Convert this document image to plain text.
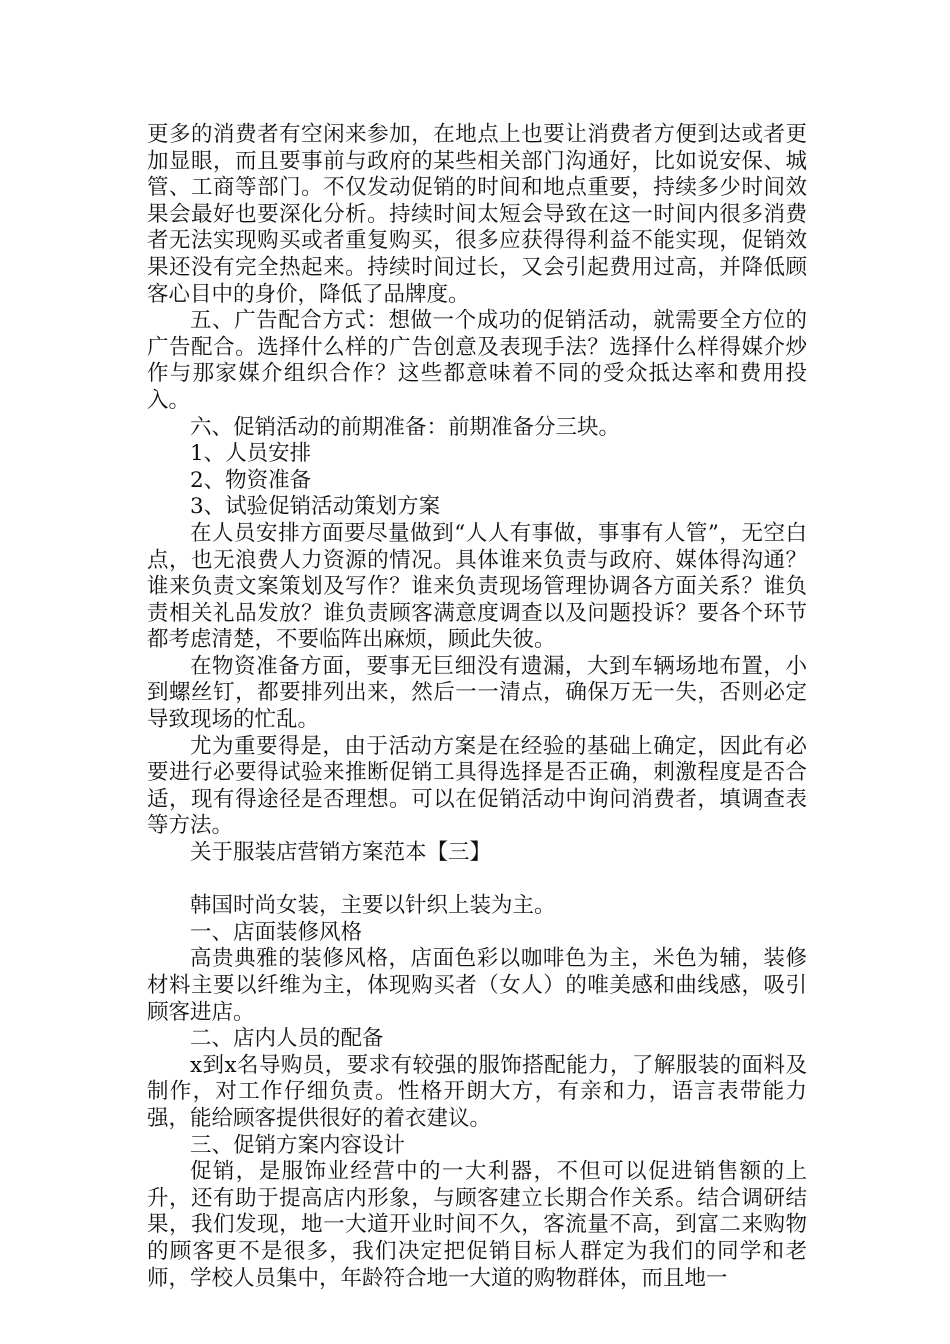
更多的消费者有空闲来参加，在地点上也要让消费者方便到达或者更加显眼，而且要事前与政府的某些相关部门沟通好，比如说安保、城管、工商等部门。不仅发动促销的时间和地点重要，持续多少时间效果会最好也要深化分析。持续时间太短会导致在这一时间内很多消费者无法实现购买或者重复购买，很多应获得得利益不能实现，促销效果还没有完全热起来。持续时间过长，又会引起费用过高，并降低顾客心目中的身价，降低了品牌度。

五、广告配合方式：想做一个成功的促销活动，就需要全方位的广告配合。选择什么样的广告创意及表现手法？选择什么样得媒介炒作与那家媒介组织合作？这些都意味着不同的受众抵达率和费用投入。

六、促销活动的前期准备：前期准备分三块。

1、人员安排

2、物资准备

3、试验促销活动策划方案

在人员安排方面要尽量做到“人人有事做，事事有人管”，无空白点，也无浪费人力资源的情况。具体谁来负责与政府、媒体得沟通？谁来负责文案策划及写作？谁来负责现场管理协调各方面关系？谁负责相关礼品发放？谁负责顾客满意度调查以及问题投诉？要各个环节都考虑清楚，不要临阵出麻烦，顾此失彼。

在物资准备方面，要事无巨细没有遗漏，大到车辆场地布置，小到螺丝钉，都要排列出来，然后一一清点，确保万无一失，否则必定导致现场的忙乱。

尤为重要得是，由于活动方案是在经验的基础上确定，因此有必要进行必要得试验来推断促销工具得选择是否正确，刺激程度是否合适，现有得途径是否理想。可以在促销活动中询问消费者，填调查表等方法。

关于服装店营销方案范本【三】

韩国时尚女装，主要以针织上装为主。

一、店面装修风格

高贵典雅的装修风格，店面色彩以咖啡色为主，米色为辅，装修材料主要以纤维为主，体现购买者（女人）的唯美感和曲线感，吸引顾客进店。

二、店内人员的配备

x到x名导购员，要求有较强的服饰搭配能力，了解服装的面料及制作，对工作仔细负责。性格开朗大方，有亲和力，语言表带能力强，能给顾客提供很好的着衣建议。

三、促销方案内容设计

促销，是服饰业经营中的一大利器，不但可以促进销售额的上升，还有助于提高店内形象，与顾客建立长期合作关系。结合调研结果，我们发现，地一大道开业时间不久，客流量不高，到富二来购物的顾客更不是很多，我们决定把促销目标人群定为我们的同学和老师，学校人员集中，年龄符合地一大道的购物群体，而且地一
